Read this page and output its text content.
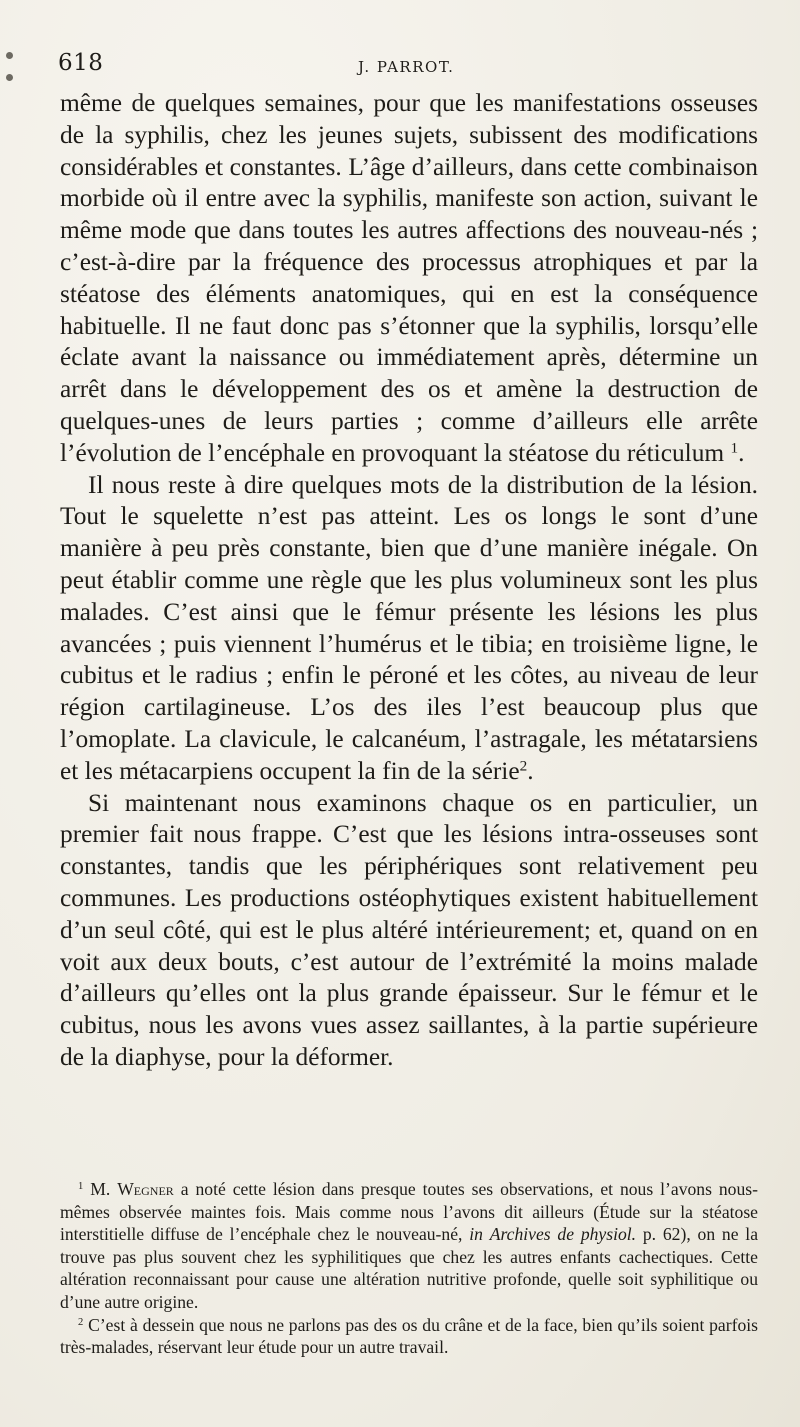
618	J. PARROT.

même de quelques semaines, pour que les manifestations osseuses de la syphilis, chez les jeunes sujets, subissent des modifications considérables et constantes. L’âge d’ailleurs, dans cette combinaison morbide où il entre avec la syphilis, manifeste son action, suivant le même mode que dans toutes les autres affections des nouveau-nés ; c’est-à-dire par la fréquence des processus atrophiques et par la stéatose des éléments anatomiques, qui en est la conséquence habituelle. Il ne faut donc pas s’étonner que la syphilis, lorsqu’elle éclate avant la naissance ou immédiatement après, détermine un arrêt dans le développement des os et amène la destruction de quelques-unes de leurs parties ; comme d’ailleurs elle arrête l’évolution de l’encéphale en provoquant la stéatose du réticulum $^1$.

Il nous reste à dire quelques mots de la distribution de la lésion. Tout le squelette n’est pas atteint. Les os longs le sont d’une manière à peu près constante, bien que d’une manière inégale. On peut établir comme une règle que les plus volumineux sont les plus malades. C’est ainsi que le fémur présente les lésions les plus avancées ; puis viennent l’humérus et le tibia; en troisième ligne, le cubitus et le radius ; enfin le péroné et les côtes, au niveau de leur région cartilagineuse. L’os des iles l’est beaucoup plus que l’omoplate. La clavicule, le calcanéum, l’astragale, les métatarsiens et les métacarpiens occupent la fin de la série$^2$.

Si maintenant nous examinons chaque os en particulier, un premier fait nous frappe. C’est que les lésions intra-osseuses sont constantes, tandis que les périphériques sont relativement peu communes. Les productions ostéophytiques existent habituellement d’un seul côté, qui est le plus altéré intérieurement; et, quand on en voit aux deux bouts, c’est autour de l’extrémité la moins malade d’ailleurs qu’elles ont la plus grande épaisseur. Sur le fémur et le cubitus, nous les avons vues assez saillantes, à la partie supérieure de la diaphyse, pour la déformer.

$^1$ M. Wegner a noté cette lésion dans presque toutes ses observations, et nous l’avons nous-mêmes observée maintes fois. Mais comme nous l’avons dit ailleurs (Étude sur la stéatose interstitielle diffuse de l’encéphale chez le nouveau-né, in Archives de physiol. p. 62), on ne la trouve pas plus souvent chez les syphilitiques que chez les autres enfants cachectiques. Cette altération reconnaissant pour cause une altération nutritive profonde, quelle soit syphilitique ou d’une autre origine.

$^2$ C’est à dessein que nous ne parlons pas des os du crâne et de la face, bien qu’ils soient parfois très-malades, réservant leur étude pour un autre travail.
